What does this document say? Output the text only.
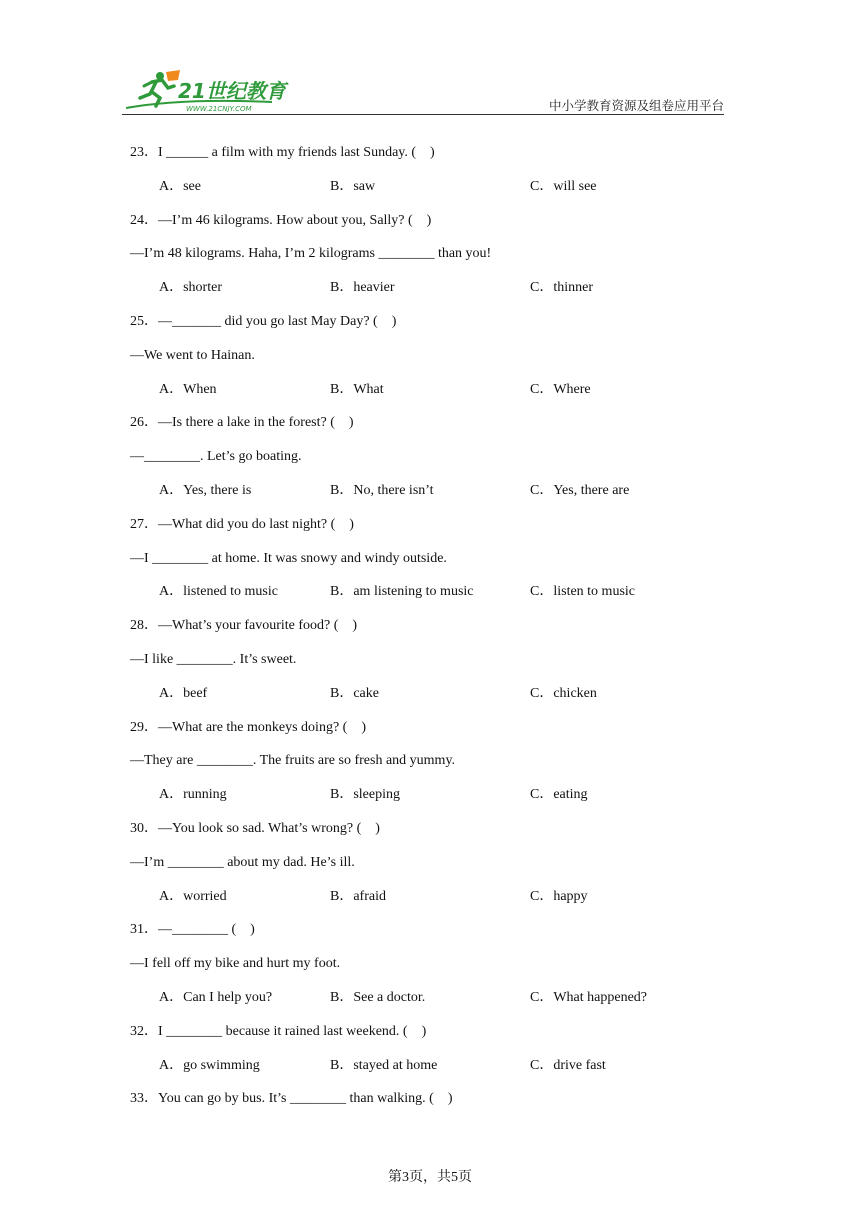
21世纪教育
WWW.21CNJY.COM	中小学教育资源及组卷应用平台
23．I ______ a film with my friends last Sunday. (    )
A．see	B．saw	C．will see
24．—I’m 46 kilograms. How about you, Sally? (    )
—I’m 48 kilograms. Haha, I’m 2 kilograms ________ than you!
A．shorter	B．heavier	C．thinner
25．—_______ did you go last May Day? (    )
—We went to Hainan.
A．When	B．What	C．Where
26．—Is there a lake in the forest? (    )
—________. Let’s go boating.
A．Yes, there is	B．No, there isn’t	C．Yes, there are
27．—What did you do last night? (    )
—I ________ at home. It was snowy and windy outside.
A．listened to music	B．am listening to music	C．listen to music
28．—What’s your favourite food? (    )
—I like ________. It’s sweet.
A．beef	B．cake	C．chicken
29．—What are the monkeys doing? (    )
—They are ________. The fruits are so fresh and yummy.
A．running	B．sleeping	C．eating
30．—You look so sad. What’s wrong? (    )
—I’m ________ about my dad. He’s ill.
A．worried	B．afraid	C．happy
31．—________ (    )
—I fell off my bike and hurt my foot.
A．Can I help you?	B．See a doctor.	C．What happened?
32．I ________ because it rained last weekend. (    )
A．go swimming	B．stayed at home	C．drive fast
33．You can go by bus. It’s ________ than walking. (    )
第3页，共5页
